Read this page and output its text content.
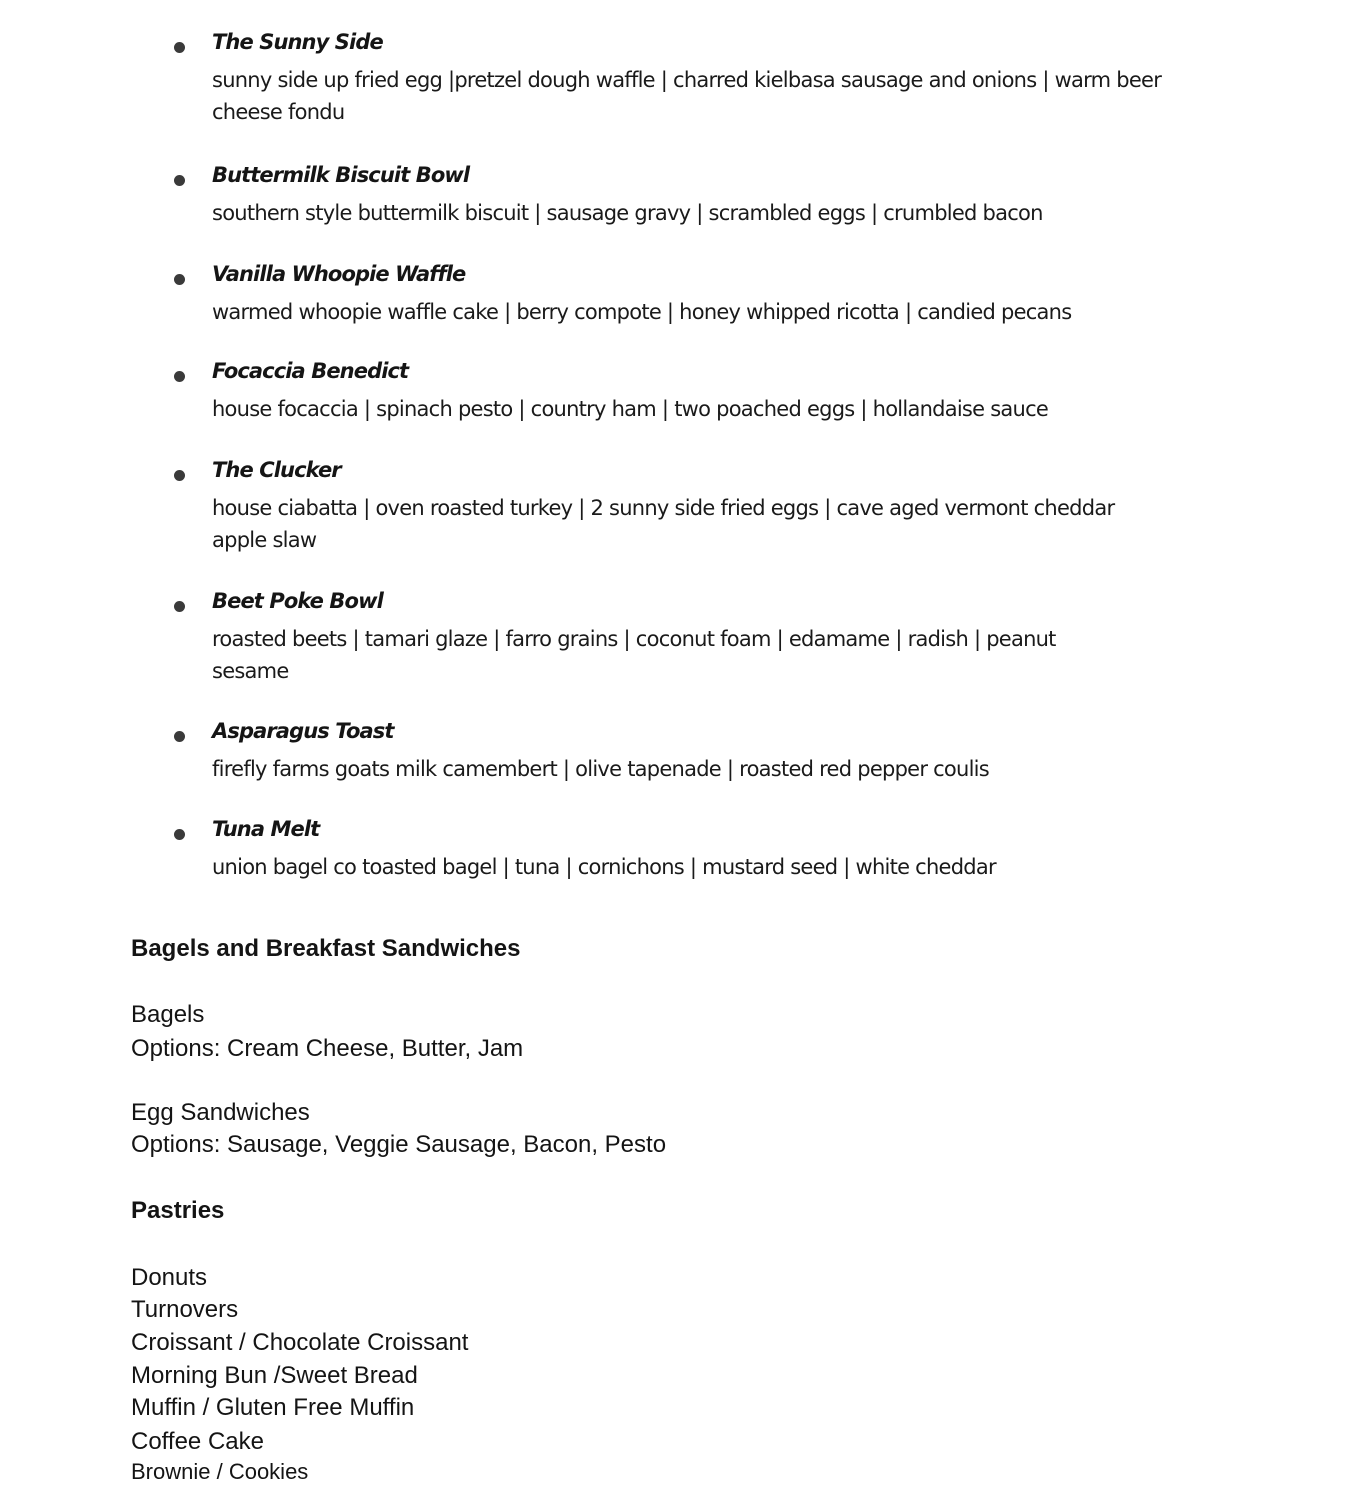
The Sunny Side
sunny side up fried egg |pretzel dough waffle | charred kielbasa sausage and onions | warm beer cheese fondu
Buttermilk Biscuit Bowl
southern style buttermilk biscuit | sausage gravy | scrambled eggs | crumbled bacon
Vanilla Whoopie Waffle
warmed whoopie waffle cake | berry compote | honey whipped ricotta | candied pecans
Focaccia Benedict
house focaccia | spinach pesto | country ham | two poached eggs | hollandaise sauce
The Clucker
house ciabatta | oven roasted turkey | 2 sunny side fried eggs | cave aged vermont cheddar apple slaw
Beet Poke Bowl
roasted beets | tamari glaze | farro grains | coconut foam | edamame | radish | peanut sesame
Asparagus Toast
firefly farms goats milk camembert | olive tapenade | roasted red pepper coulis
Tuna Melt
union bagel co toasted bagel | tuna | cornichons | mustard seed | white cheddar
Bagels and Breakfast Sandwiches
Bagels
Options: Cream Cheese, Butter, Jam
Egg Sandwiches
Options: Sausage, Veggie Sausage, Bacon, Pesto
Pastries
Donuts
Turnovers
Croissant / Chocolate Croissant
Morning Bun /Sweet Bread
Muffin / Gluten Free Muffin
Coffee Cake
Brownie / Cookies
